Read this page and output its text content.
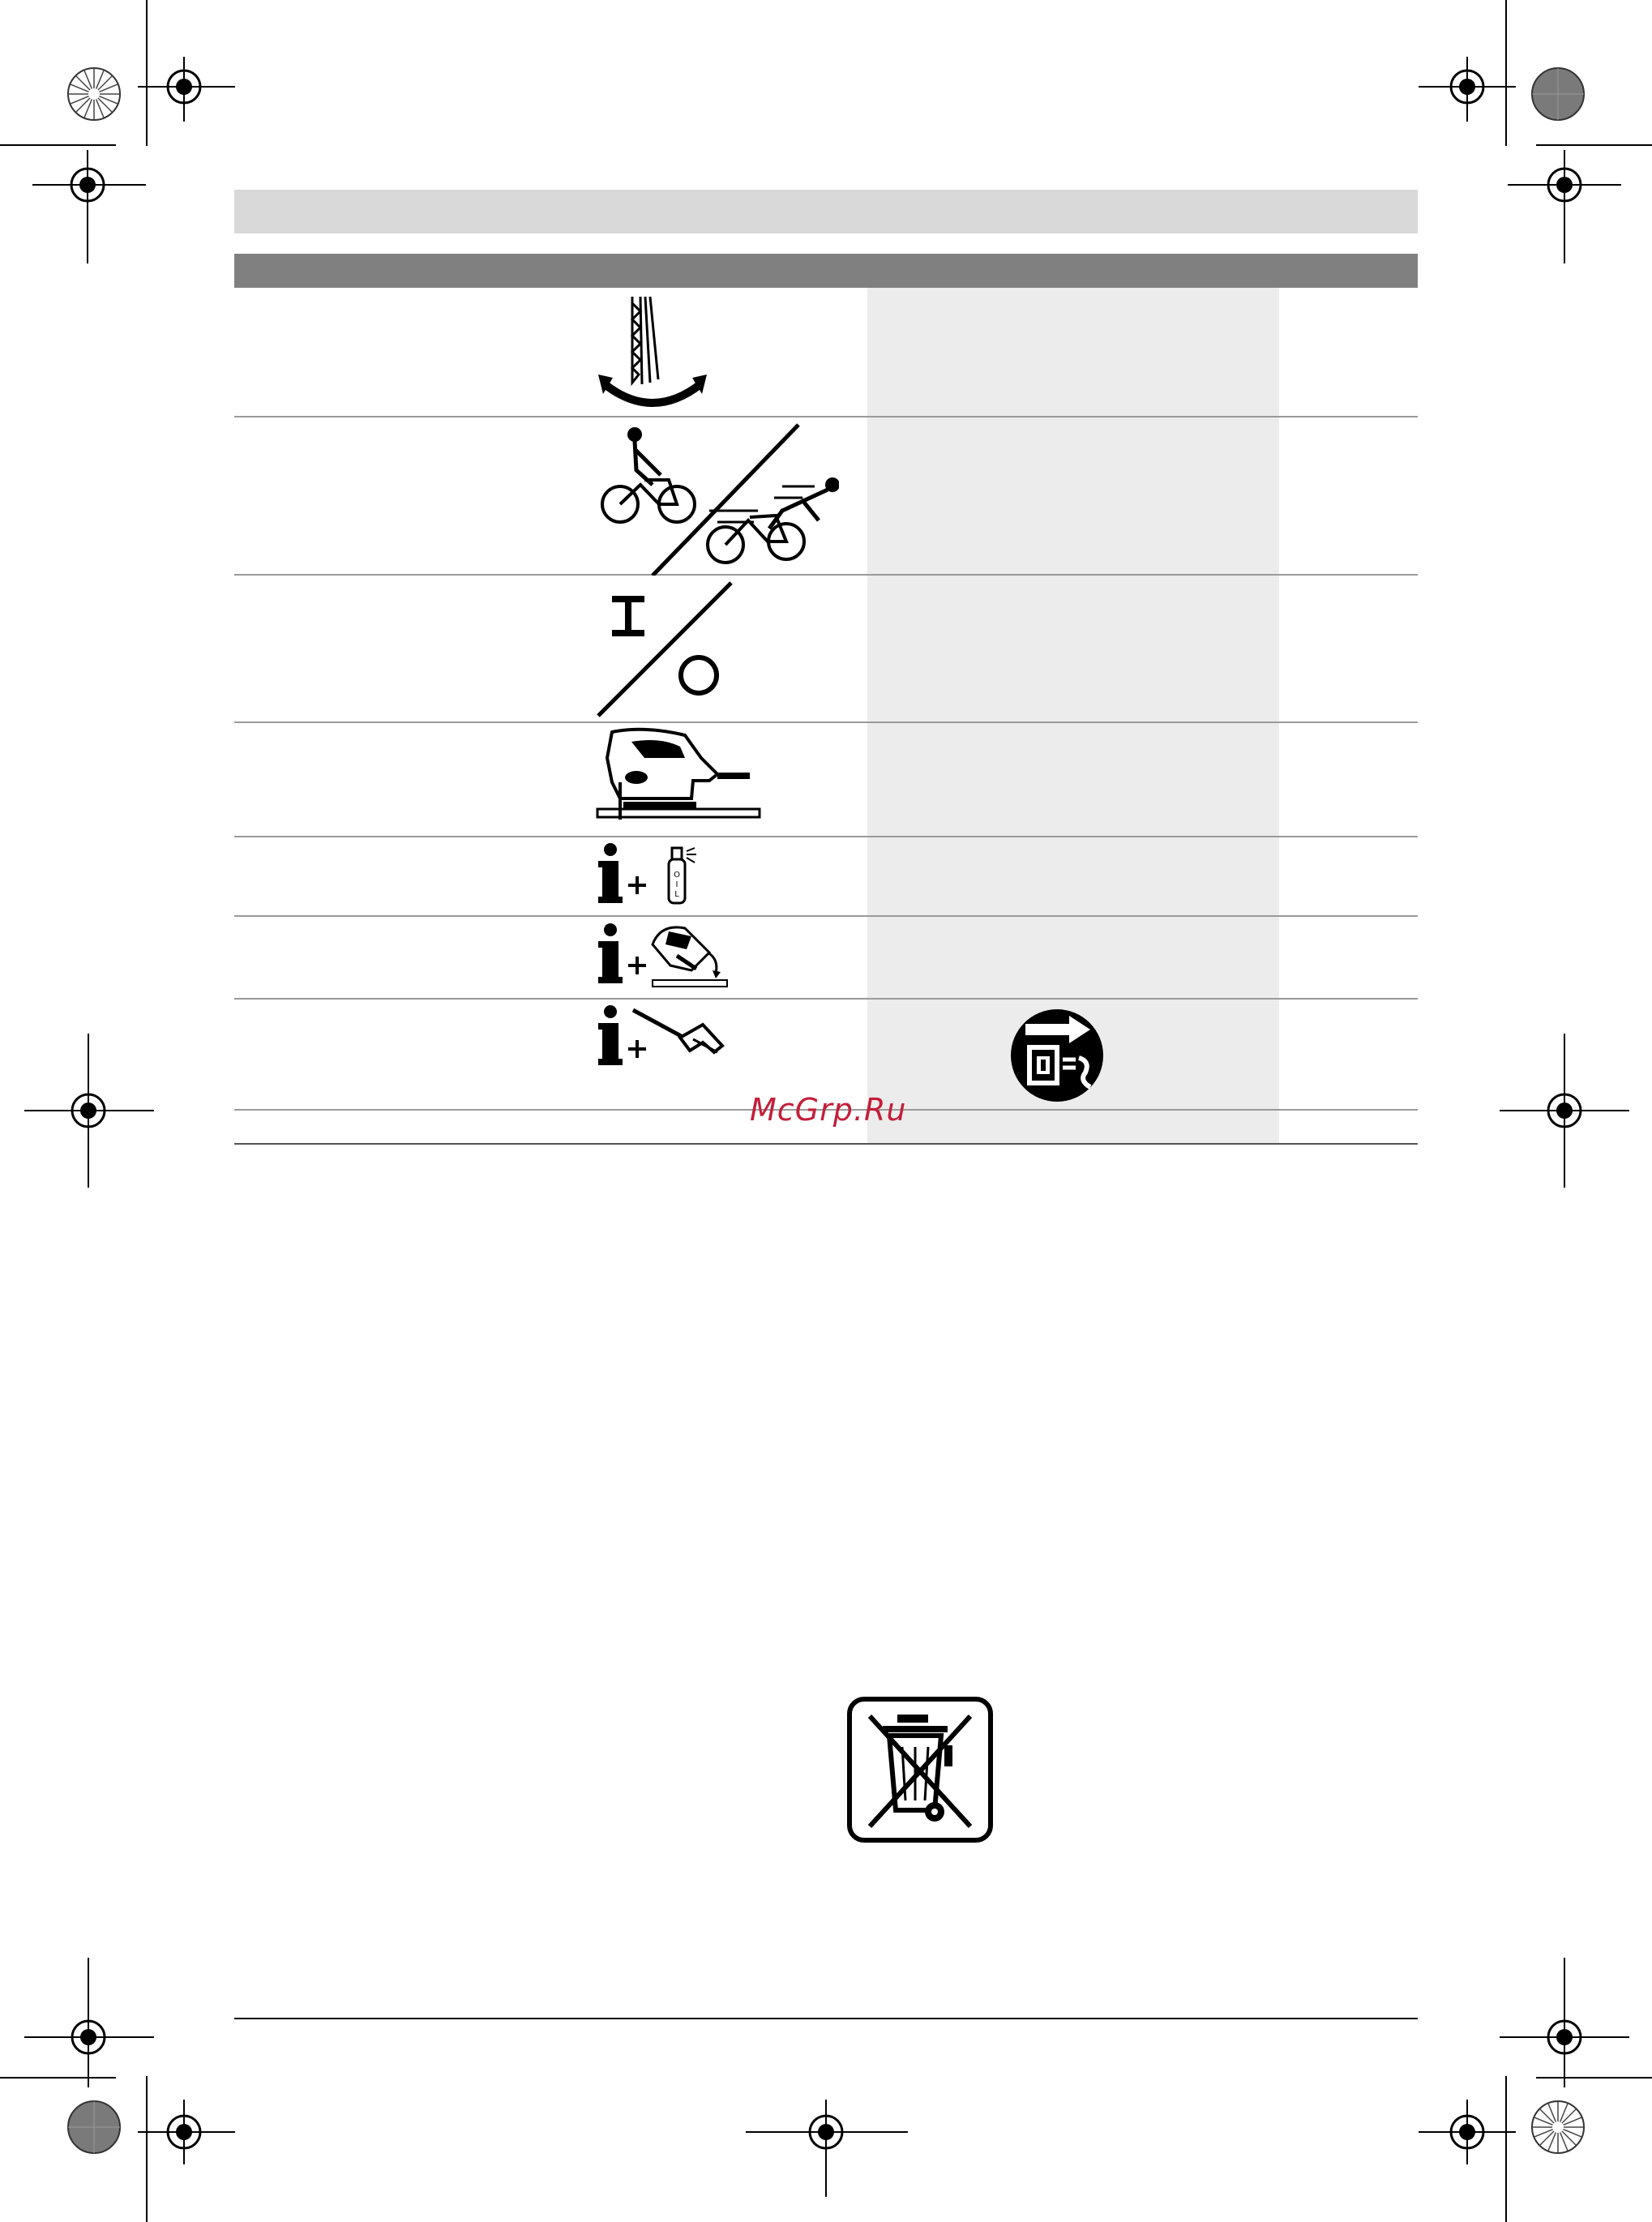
O
I
L
McGrp.Ru
